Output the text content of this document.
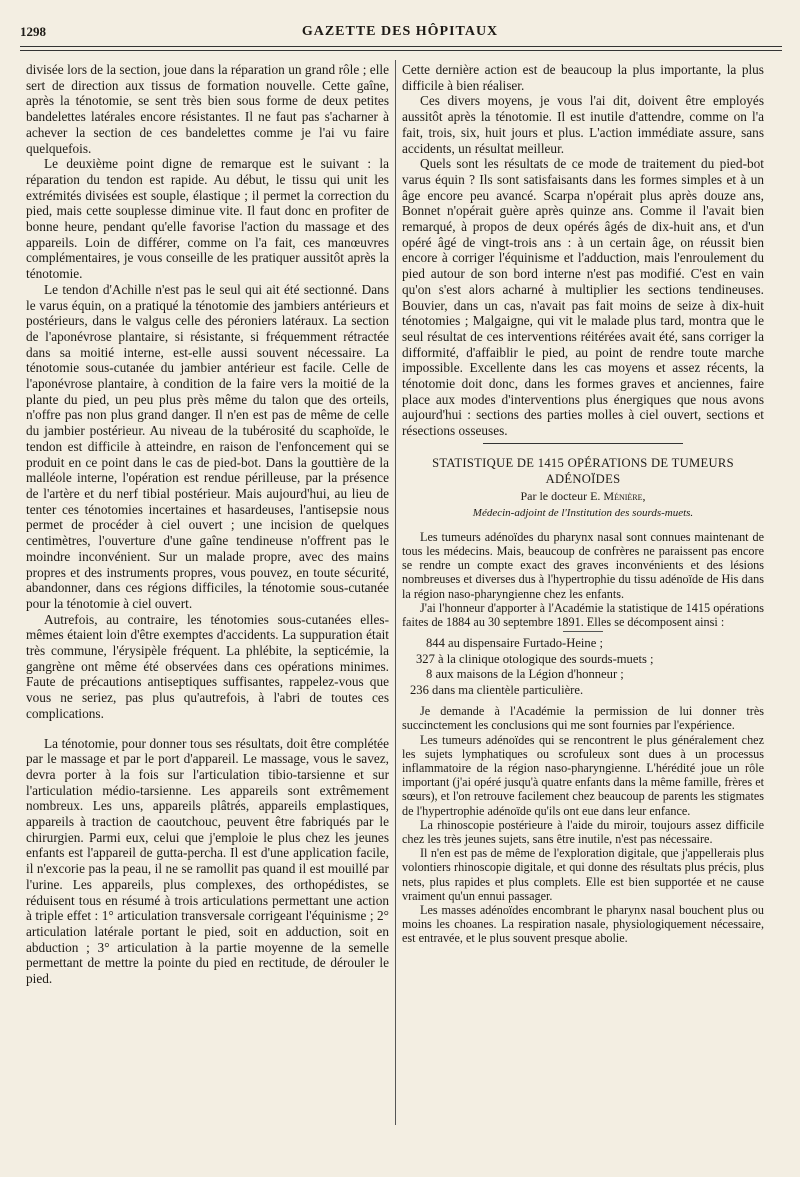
1298	GAZETTE DES HÔPITAUX

divisée lors de la section, joue dans la réparation un grand rôle ; elle sert de direction aux tissus de formation nouvelle. Cette gaîne, après la ténotomie, se sent très bien sous forme de deux petites bandelettes latérales encore résistantes. Il ne faut pas s'acharner à achever la section de ces bandelettes comme je l'ai vu faire quelquefois.

Le deuxième point digne de remarque est le suivant : la réparation du tendon est rapide. Au début, le tissu qui unit les extrémités divisées est souple, élastique ; il permet la correction du pied, mais cette souplesse diminue vite. Il faut donc en profiter de bonne heure, pendant qu'elle favorise l'action du massage et des appareils. Loin de différer, comme on l'a fait, ces manœuvres complémentaires, je vous conseille de les pratiquer aussitôt après la ténotomie.

Le tendon d'Achille n'est pas le seul qui ait été sectionné. Dans le varus équin, on a pratiqué la ténotomie des jambiers antérieurs et postérieurs, dans le valgus celle des péroniers latéraux. La section de l'aponévrose plantaire, si résistante, si fréquemment rétractée dans sa moitié interne, est-elle aussi souvent nécessaire. La ténotomie sous-cutanée du jambier antérieur est facile. Celle de l'aponévrose plantaire, à condition de la faire vers la moitié de la plante du pied, un peu plus près même du talon que des orteils, n'offre pas non plus grand danger. Il n'en est pas de même de celle du jambier postérieur. Au niveau de la tubérosité du scaphoïde, le tendon est difficile à atteindre, en raison de l'enfoncement qui se produit en ce point dans le cas de pied-bot. Dans la gouttière de la malléole interne, l'opération est rendue périlleuse, par la présence de l'artère et du nerf tibial postérieur. Mais aujourd'hui, au lieu de tenter ces ténotomies incertaines et hasardeuses, l'antisepsie nous permet de procéder à ciel ouvert ; une incision de quelques centimètres, l'ouverture d'une gaîne tendineuse n'offrent pas le moindre inconvénient. Sur un malade propre, avec des mains propres et des instruments propres, vous pouvez, en toute sécurité, abandonner, dans ces régions difficiles, la ténotomie sous-cutanée pour la ténotomie à ciel ouvert.

Autrefois, au contraire, les ténotomies sous-cutanées elles-mêmes étaient loin d'être exemptes d'accidents. La suppuration était très commune, l'érysipèle fréquent. La phlébite, la septicémie, la gangrène ont même été observées dans ces opérations minimes. Faute de précautions antiseptiques suffisantes, rappelez-vous que vous ne seriez, pas plus qu'autrefois, à l'abri de toutes ces complications.

La ténotomie, pour donner tous ses résultats, doit être complétée par le massage et par le port d'appareil. Le massage, vous le savez, devra porter à la fois sur l'articulation tibio-tarsienne et sur l'articulation médio-tarsienne. Les appareils sont extrêmement nombreux. Les uns, appareils plâtrés, appareils emplastiques, appareils à traction de caoutchouc, peuvent être fabriqués par le chirurgien. Parmi eux, celui que j'emploie le plus chez les jeunes enfants est l'appareil de gutta-percha. Il est d'une application facile, il n'excorie pas la peau, il ne se ramollit pas quand il est mouillé par l'urine. Les appareils, plus complexes, des orthopédistes, se réduisent tous en résumé à trois articulations permettant une action à triple effet : 1° articulation transversale corrigeant l'équinisme ; 2° articulation latérale portant le pied, soit en adduction, soit en abduction ; 3° articulation à la partie moyenne de la semelle permettant de mettre la pointe du pied en rectitude, de dérouler le pied.

Cette dernière action est de beaucoup la plus importante, la plus difficile à bien réaliser.

Ces divers moyens, je vous l'ai dit, doivent être employés aussitôt après la ténotomie. Il est inutile d'attendre, comme on l'a fait, trois, six, huit jours et plus. L'action immédiate assure, sans accidents, un résultat meilleur.

Quels sont les résultats de ce mode de traitement du pied-bot varus équin ? Ils sont satisfaisants dans les formes simples et à un âge encore peu avancé. Scarpa n'opérait plus après douze ans, Bonnet n'opérait guère après quinze ans. Comme il l'avait bien remarqué, à propos de deux opérés âgés de dix-huit ans, et d'un opéré âgé de vingt-trois ans : à un certain âge, on réussit bien encore à corriger l'équinisme et l'adduction, mais l'enroulement du pied autour de son bord interne n'est pas modifié. C'est en vain qu'on s'est alors acharné à multiplier les sections tendineuses. Bouvier, dans un cas, n'avait pas fait moins de seize à dix-huit ténotomies ; Malgaigne, qui vit le malade plus tard, montra que le seul résultat de ces interventions réitérées avait été, sans corriger la difformité, d'affaiblir le pied, au point de rendre toute marche impossible. Excellente dans les cas moyens et assez récents, la ténotomie doit donc, dans les formes graves et anciennes, faire place aux modes d'interventions plus énergiques que nous avons aujourd'hui : sections des parties molles à ciel ouvert, sections et résections osseuses.

STATISTIQUE DE 1415 OPÉRATIONS DE TUMEURS ADÉNOÏDES
Par le docteur E. Ménière,
Médecin-adjoint de l'Institution des sourds-muets.

Les tumeurs adénoïdes du pharynx nasal sont connues maintenant de tous les médecins. Mais, beaucoup de confrères ne paraissent pas encore se rendre un compte exact des graves inconvénients et des lésions nombreuses et diverses dus à l'hypertrophie du tissu adénoïde de His dans la région naso-pharyngienne chez les enfants.

J'ai l'honneur d'apporter à l'Académie la statistique de 1415 opérations faites de 1884 au 30 septembre 1891. Elles se décomposent ainsi :

844 au dispensaire Furtado-Heine ;
327 à la clinique otologique des sourds-muets ;
8 aux maisons de la Légion d'honneur ;
236 dans ma clientèle particulière.

Je demande à l'Académie la permission de lui donner très succinctement les conclusions qui me sont fournies par l'expérience.

Les tumeurs adénoïdes qui se rencontrent le plus généralement chez les sujets lymphatiques ou scrofuleux sont dues à un processus inflammatoire de la région naso-pharyngienne. L'hérédité joue un rôle important (j'ai opéré jusqu'à quatre enfants dans la même famille, frères et sœurs), et l'on retrouve facilement chez beaucoup de parents les stigmates de l'hypertrophie adénoïde qu'ils ont eue dans leur enfance.

La rhinoscopie postérieure à l'aide du miroir, toujours assez difficile chez les très jeunes sujets, sans être inutile, n'est pas nécessaire.

Il n'en est pas de même de l'exploration digitale, que j'appellerais plus volontiers rhinoscopie digitale, et qui donne des résultats plus précis, plus nets, plus rapides et plus complets. Elle est bien supportée et ne cause vraiment qu'un ennui passager.

Les masses adénoïdes encombrant le pharynx nasal bouchent plus ou moins les choanes. La respiration nasale, physiologiquement nécessaire, est entravée, et le plus souvent presque abolie.
